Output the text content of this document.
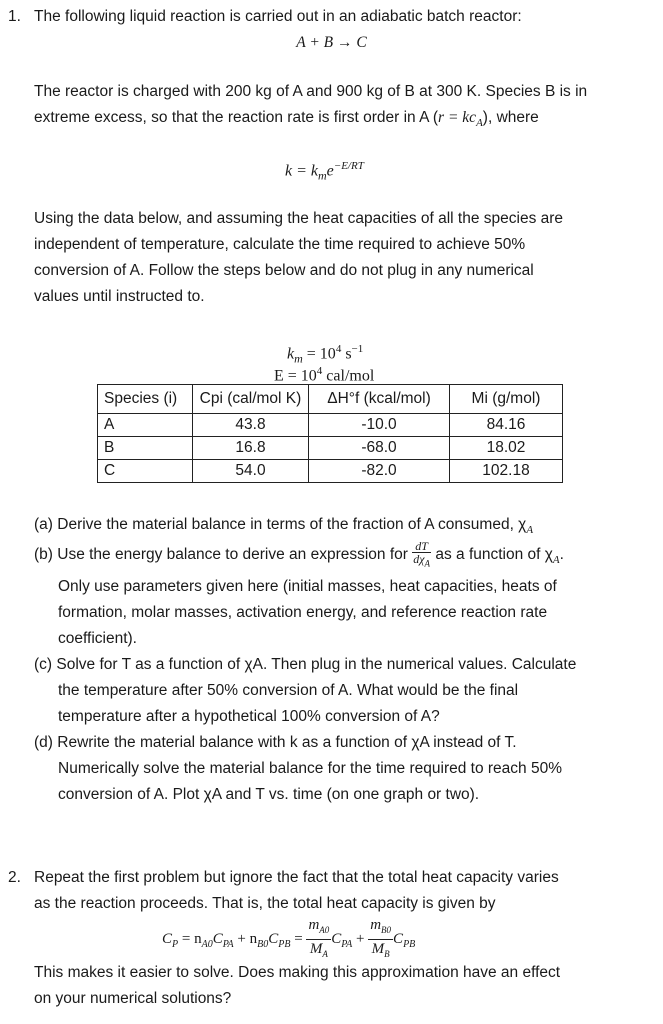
1. The following liquid reaction is carried out in an adiabatic batch reactor:
A + B → C
The reactor is charged with 200 kg of A and 900 kg of B at 300 K. Species B is in
extreme excess, so that the reaction rate is first order in A $(r = kc_A)$, where
$k = k_me^{-E/RT}$
Using the data below, and assuming the heat capacities of all the species are
independent of temperature, calculate the time required to achieve 50%
conversion of A. Follow the steps below and do not plug in any numerical
values until instructed to.
$k_m = 10^4$ $s^{-1}$
$E = 10^4$ cal/mol
Species (i)	Cpi (cal/mol K)	ΔH°f (kcal/mol)	Mi (g/mol)
A	43.8	-10.0	84.16
B	16.8	-68.0	18.02
C	54.0	-82.0	102.18
(a) Derive the material balance in terms of the fraction of A consumed, $\chi_A$
(b) Use the energy balance to derive an expression for $\frac{dT}{d\chi_A}$ as a function of $\chi_A$.
Only use parameters given here (initial masses, heat capacities, heats of
formation, molar masses, activation energy, and reference reaction rate
coefficient).
(c) Solve for T as a function of χA. Then plug in the numerical values. Calculate
the temperature after 50% conversion of A. What would be the final
temperature after a hypothetical 100% conversion of A?
(d) Rewrite the material balance with k as a function of χA instead of T.
Numerically solve the material balance for the time required to reach 50%
conversion of A. Plot χA and T vs. time (on one graph or two).
2. Repeat the first problem but ignore the fact that the total heat capacity varies
as the reaction proceeds. That is, the total heat capacity is given by
$C_P = n_{A0}C_{PA} + n_{B0}C_{PB} = \frac{m_{A0}}{M_A} C_{PA} + \frac{m_{B0}}{M_B} C_{PB}$
This makes it easier to solve. Does making this approximation have an effect
on your numerical solutions?
